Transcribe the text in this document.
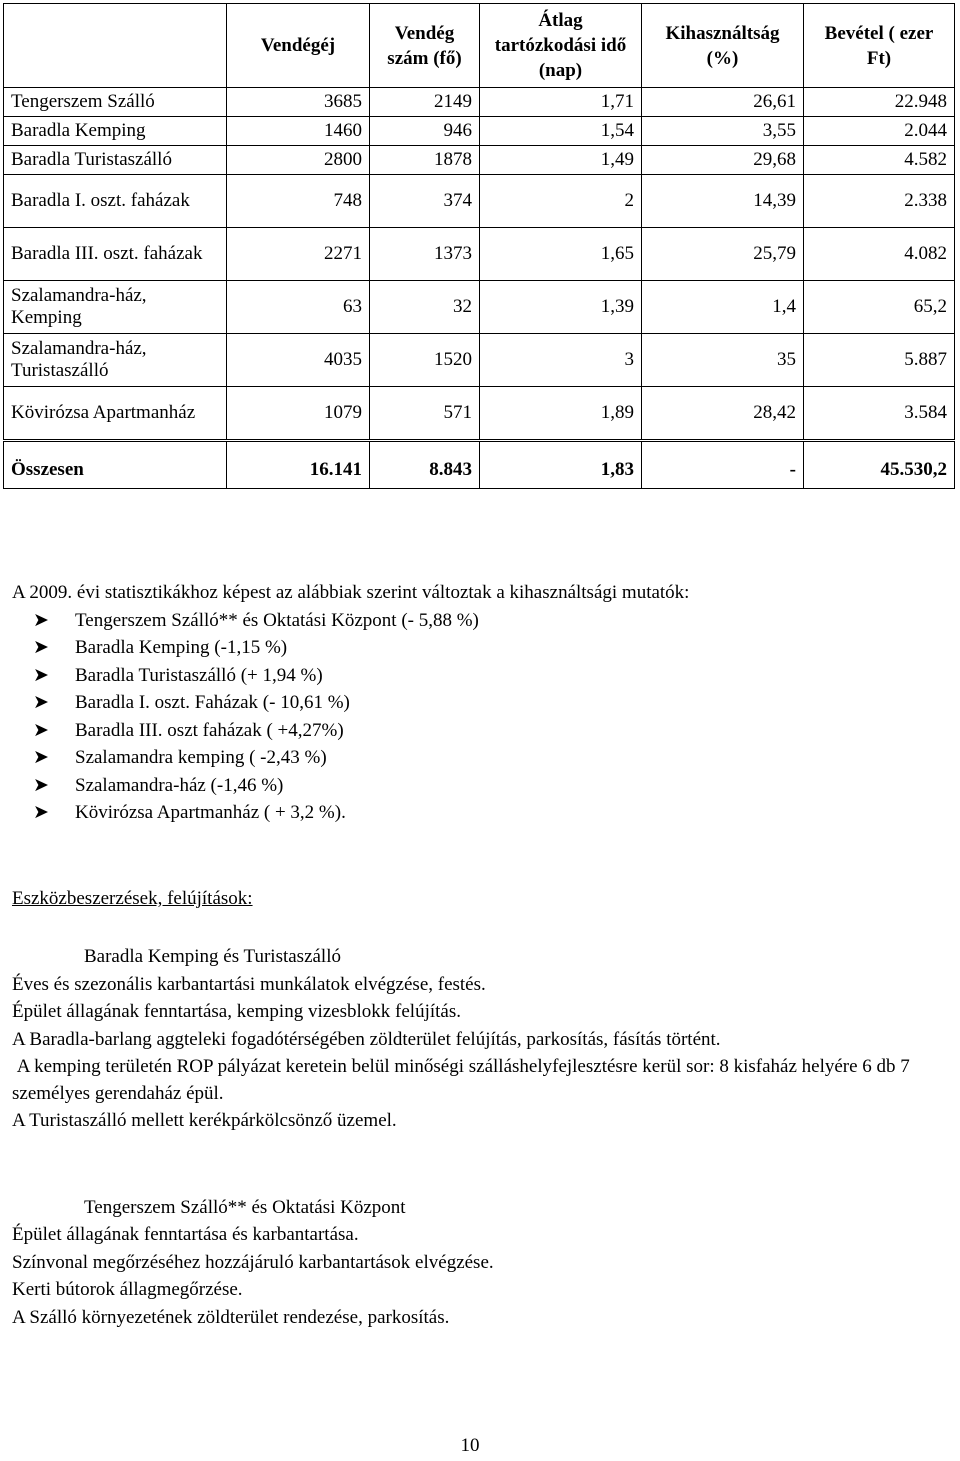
	Vendégéj	Vendég szám (fő)	Átlag tartózkodási idő (nap)	Kihasználtság (%)	Bevétel ( ezer Ft)
Tengerszem Szálló	3685	2149	1,71	26,61	22.948
Baradla Kemping	1460	946	1,54	3,55	2.044
Baradla Turistaszálló	2800	1878	1,49	29,68	4.582
Baradla I. oszt. faházak	748	374	2	14,39	2.338
Baradla III. oszt. faházak	2271	1373	1,65	25,79	4.082
Szalamandra-ház, Kemping	63	32	1,39	1,4	65,2
Szalamandra-ház, Turistaszálló	4035	1520	3	35	5.887
Kövirózsa Apartmanház	1079	571	1,89	28,42	3.584
Összesen	16.141	8.843	1,83	-	45.530,2

A 2009. évi statisztikákhoz képest az alábbiak szerint változtak a kihasználtsági mutatók:

➤ Tengerszem Szálló** és Oktatási Központ (- 5,88 %)
➤ Baradla Kemping (-1,15 %)
➤ Baradla Turistaszálló (+ 1,94 %)
➤ Baradla I. oszt. Faházak (- 10,61 %)
➤ Baradla III. oszt faházak ( +4,27%)
➤ Szalamandra kemping ( -2,43 %)
➤ Szalamandra-ház (-1,46 %)
➤ Kövirózsa Apartmanház ( + 3,2 %).
Eszközbeszerzések, felújítások:
Baradla Kemping és Turistaszálló

Éves és szezonális karbantartási munkálatok elvégzése, festés.

Épület állagának fenntartása, kemping vizesblokk felújítás.

A Baradla-barlang aggteleki fogadótérségében zöldterület felújítás, parkosítás, fásítás történt.

A kemping területén ROP pályázat keretein belül minőségi szálláshelyfejlesztésre kerül sor: 8 kisfaház helyére 6 db 7 személyes gerendaház épül.

A Turistaszálló mellett kerékpárkölcsönző üzemel.

Tengerszem Szálló** és Oktatási Központ

Épület állagának fenntartása és karbantartása.

Színvonal megőrzéséhez hozzájáruló karbantartások elvégzése.

Kerti bútorok állagmegőrzése.

A Szálló környezetének zöldterület rendezése, parkosítás.

10
